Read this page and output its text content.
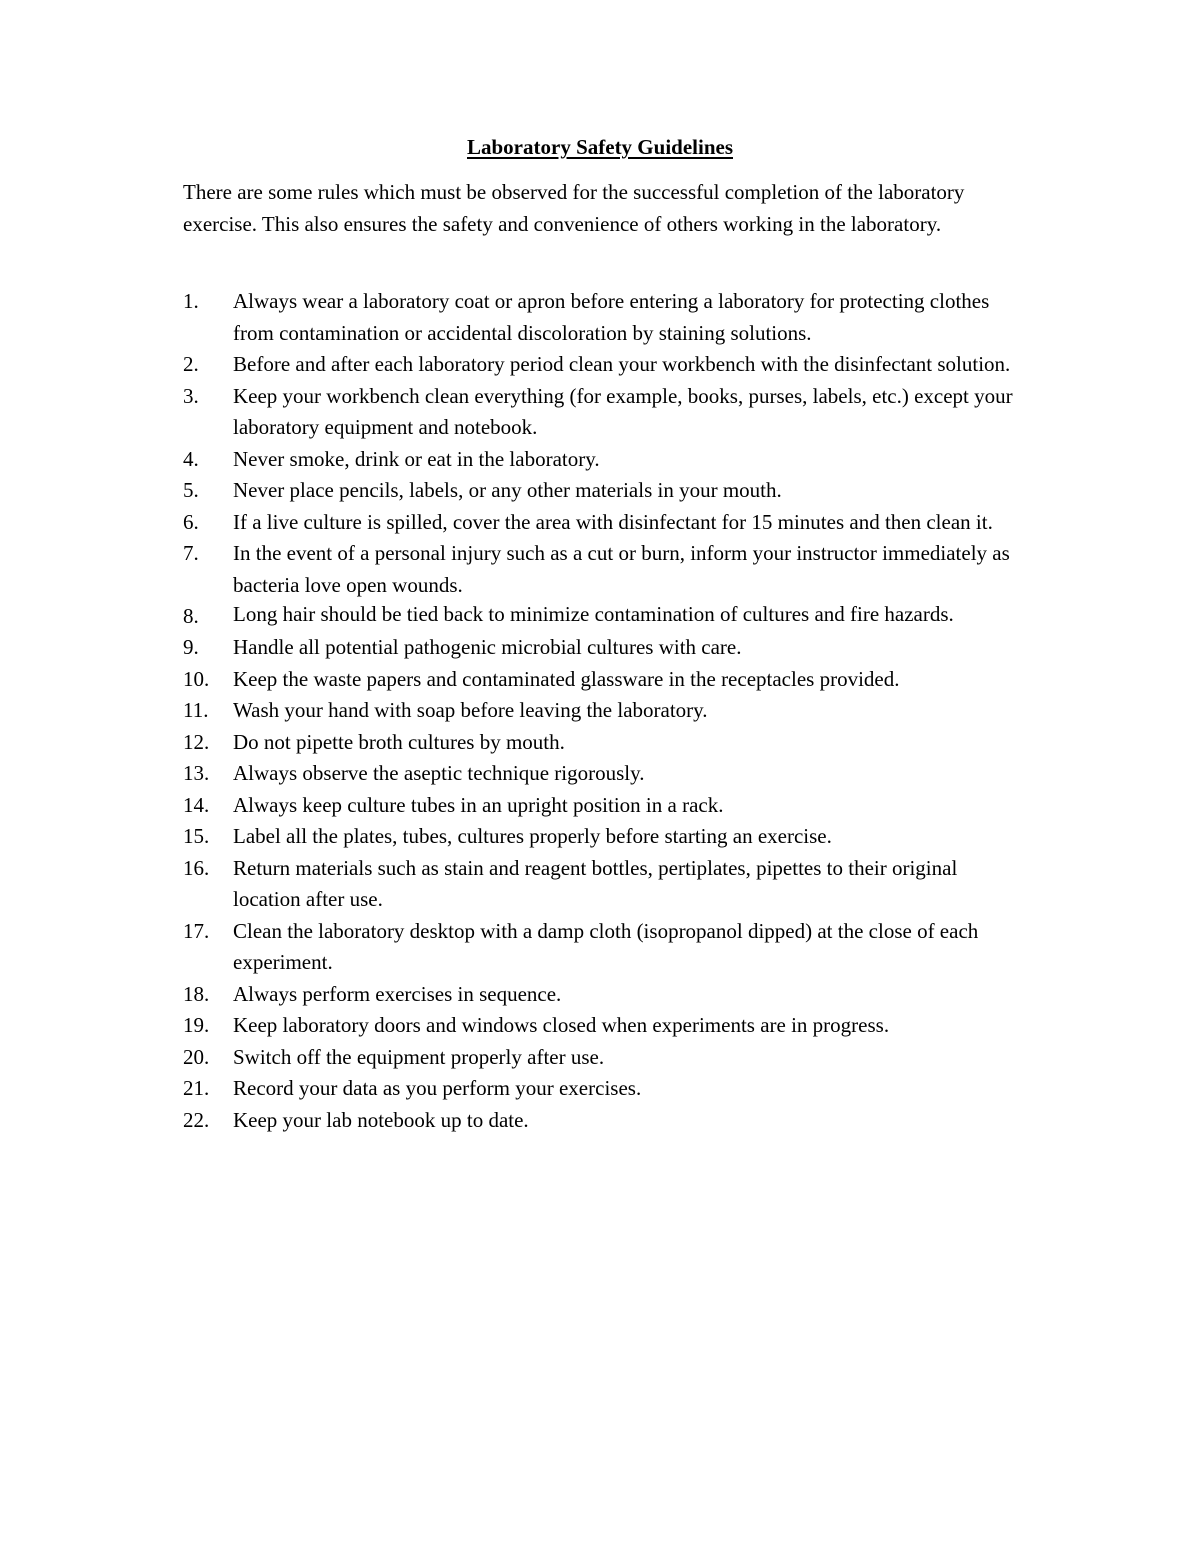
Laboratory Safety Guidelines

There are some rules which must be observed for the successful completion of the laboratory exercise. This also ensures the safety and convenience of others working in the laboratory.

1.	Always wear a laboratory coat or apron before entering a laboratory for protecting clothes from contamination or accidental discoloration by staining solutions.
2.	Before and after each laboratory period clean your workbench with the disinfectant solution.
3.	Keep your workbench clean everything (for example, books, purses, labels, etc.) except your laboratory equipment and notebook.
4.	Never smoke, drink or eat in the laboratory.
5.	Never place pencils, labels, or any other materials in your mouth.
6.	If a live culture is spilled, cover the area with disinfectant for 15 minutes and then clean it.
7.	In the event of a personal injury such as a cut or burn, inform your instructor immediately as bacteria love open wounds.
8.	Long hair should be tied back to minimize contamination of cultures and fire hazards.
9.	Handle all potential pathogenic microbial cultures with care.
10.	Keep the waste papers and contaminated glassware in the receptacles provided.
11.	Wash your hand with soap before leaving the laboratory.
12.	Do not pipette broth cultures by mouth.
13.	Always observe the aseptic technique rigorously.
14.	Always keep culture tubes in an upright position in a rack.
15.	Label all the plates, tubes, cultures properly before starting an exercise.
16.	Return materials such as stain and reagent bottles, pertiplates, pipettes to their original location after use.
17.	Clean the laboratory desktop with a damp cloth (isopropanol dipped) at the close of each experiment.
18.	Always perform exercises in sequence.
19.	Keep laboratory doors and windows closed when experiments are in progress.
20.	Switch off the equipment properly after use.
21.	Record your data as you perform your exercises.
22.	Keep your lab notebook up to date.
